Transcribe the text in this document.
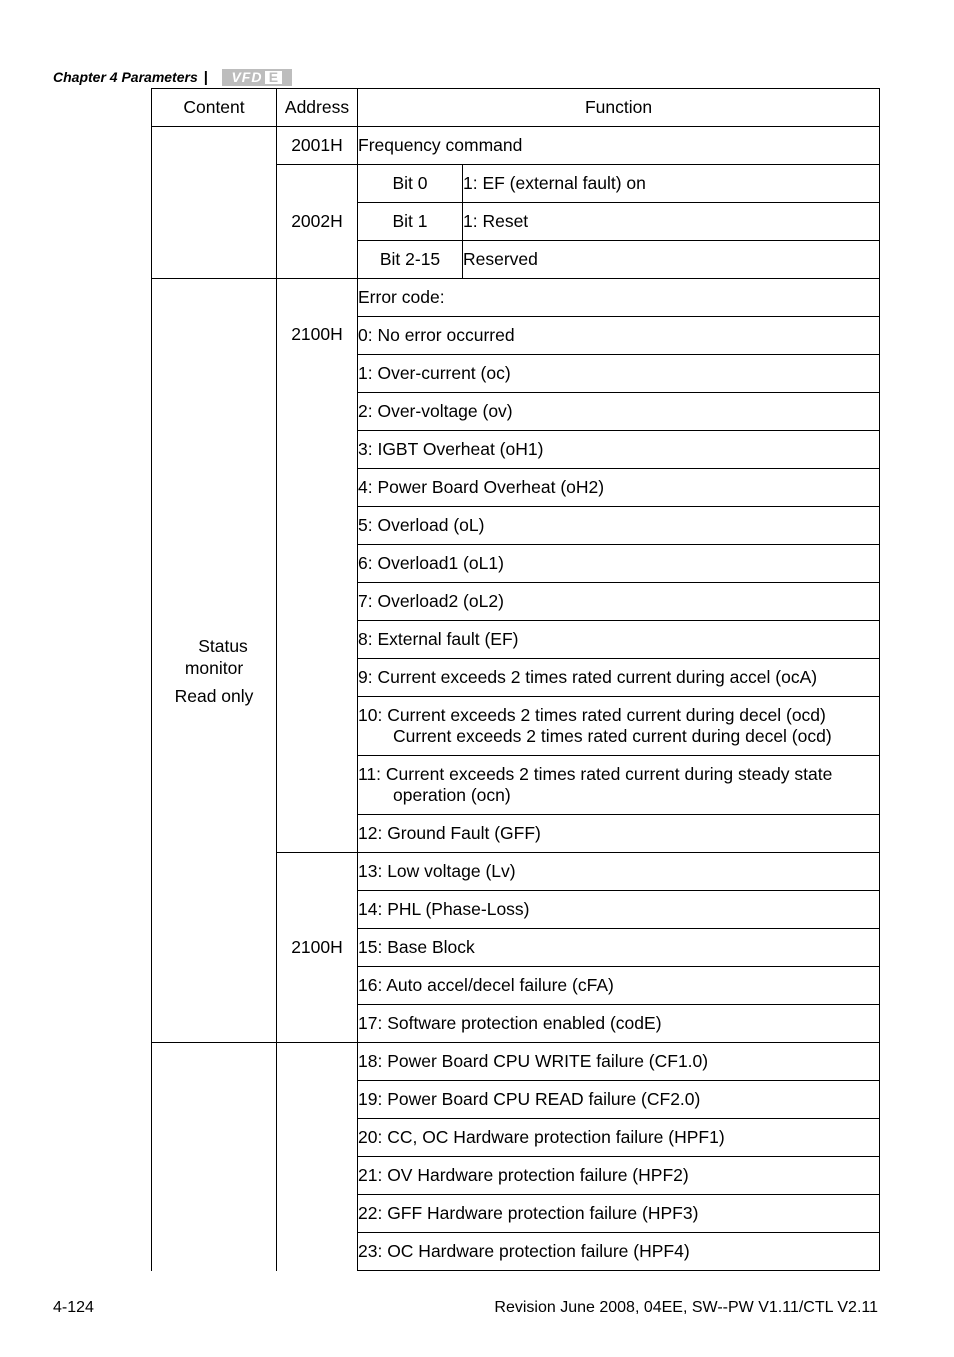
Chapter 4 Parameters | VFD E
Content	Address	Function	
	2001H	Frequency command	
	2002H	Bit 0	1: EF (external fault) on
		Bit 1	1: Reset
		Bit 2-15	Reserved

Status
monitor
Read only	2100H	Error code:	
		0: No error occurred	
		1: Over-current (oc)	
		2: Over-voltage (ov)	
		3: IGBT Overheat (oH1)	
		4: Power Board Overheat (oH2)	
		5: Overload (oL)	
		6: Overload1 (oL1)	
		7: Overload2 (oL2)	
		8: External fault (EF)	
		9: Current exceeds 2 times rated current during accel (ocA)	

		10: Current exceeds 2 times rated current during decel (ocd)
Current exceeds 2 times rated current during decel (ocd)	

		11: Current exceeds 2 times rated current during steady state
operation (ocn)	

		12: Ground Fault (GFF)	
	2100H	13: Low voltage (Lv)	
		14: PHL (Phase-Loss)	
		15: Base Block	
		16: Auto accel/decel failure (cFA)	
		17: Software protection enabled (codE)	
		18: Power Board CPU WRITE failure (CF1.0)	
		19: Power Board CPU READ failure (CF2.0)	
		20: CC, OC Hardware protection failure (HPF1)	
		21: OV Hardware protection failure (HPF2)	
		22: GFF Hardware protection failure (HPF3)	
		23: OC Hardware protection failure (HPF4)	
4-124	Revision June 2008, 04EE, SW--PW V1.11/CTL V2.11
